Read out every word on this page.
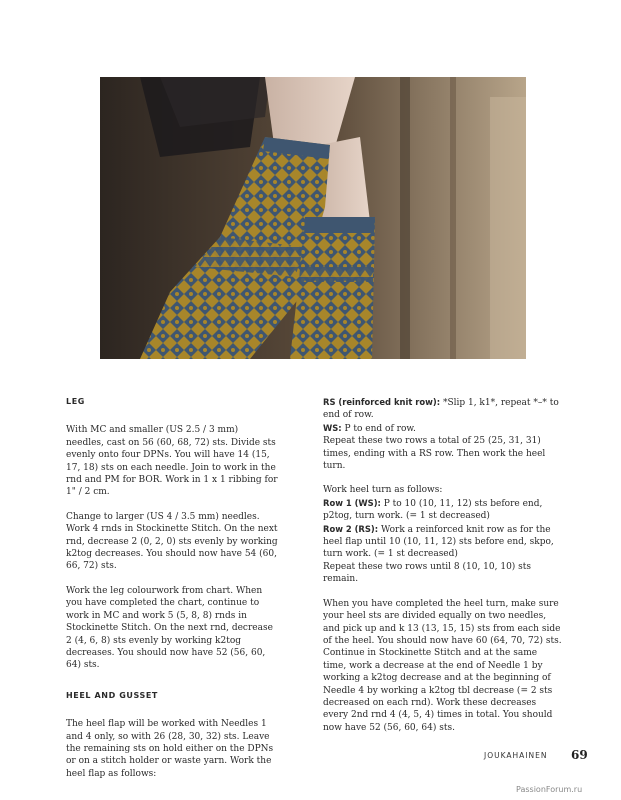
LEG

With MC and smaller (US 2.5 / 3 mm) needles, cast on 56 (60, 68, 72) sts. Divide sts evenly onto four DPNs. You will have 14 (15, 17, 18) sts on each needle. Join to work in the rnd and PM for BOR. Work in 1 x 1 ribbing for 1" / 2 cm.

Change to larger (US 4 / 3.5 mm) needles. Work 4 rnds in Stockinette Stitch. On the next rnd, decrease 2 (0, 2, 0) sts evenly by working k2tog decreases. You should now have 54 (60, 66, 72) sts.

Work the leg colourwork from chart. When you have completed the chart, continue to work in MC and work 5 (5, 8, 8) rnds in Stockinette Stitch. On the next rnd, decrease 2 (4, 6, 8) sts evenly by working k2tog decreases. You should now have 52 (56, 60, 64) sts.

HEEL AND GUSSET

The heel flap will be worked with Needles 1 and 4 only, so with 26 (28, 30, 32) sts. Leave the remaining sts on hold either on the DPNs or on a stitch holder or waste yarn. Work the heel flap as follows:

RS (reinforced knit row): *Slip 1, k1*, repeat *–* to end of row.
WS: P to end of row.

Repeat these two rows a total of 25 (25, 31, 31) times, ending with a RS row. Then work the heel turn.

Work heel turn as follows:
Row 1 (WS): P to 10 (10, 11, 12) sts before end, p2tog, turn work. (= 1 st decreased)
Row 2 (RS): Work a reinforced knit row as for the heel flap until 10 (10, 11, 12) sts before end, skpo, turn work. (= 1 st decreased)

Repeat these two rows until 8 (10, 10, 10) sts remain.

When you have completed the heel turn, make sure your heel sts are divided equally on two needles, and pick up and k 13 (13, 15, 15) sts from each side of the heel. You should now have 60 (64, 70, 72) sts. Continue in Stockinette Stitch and at the same time, work a decrease at the end of Needle 1 by working a k2tog decrease and at the beginning of Needle 4 by working a k2tog tbl decrease (= 2 sts decreased on each rnd). Work these decreases every 2nd rnd 4 (4, 5, 4) times in total. You should now have 52 (56, 60, 64) sts.

JOUKAHAINEN 69
PassionForum.ru
